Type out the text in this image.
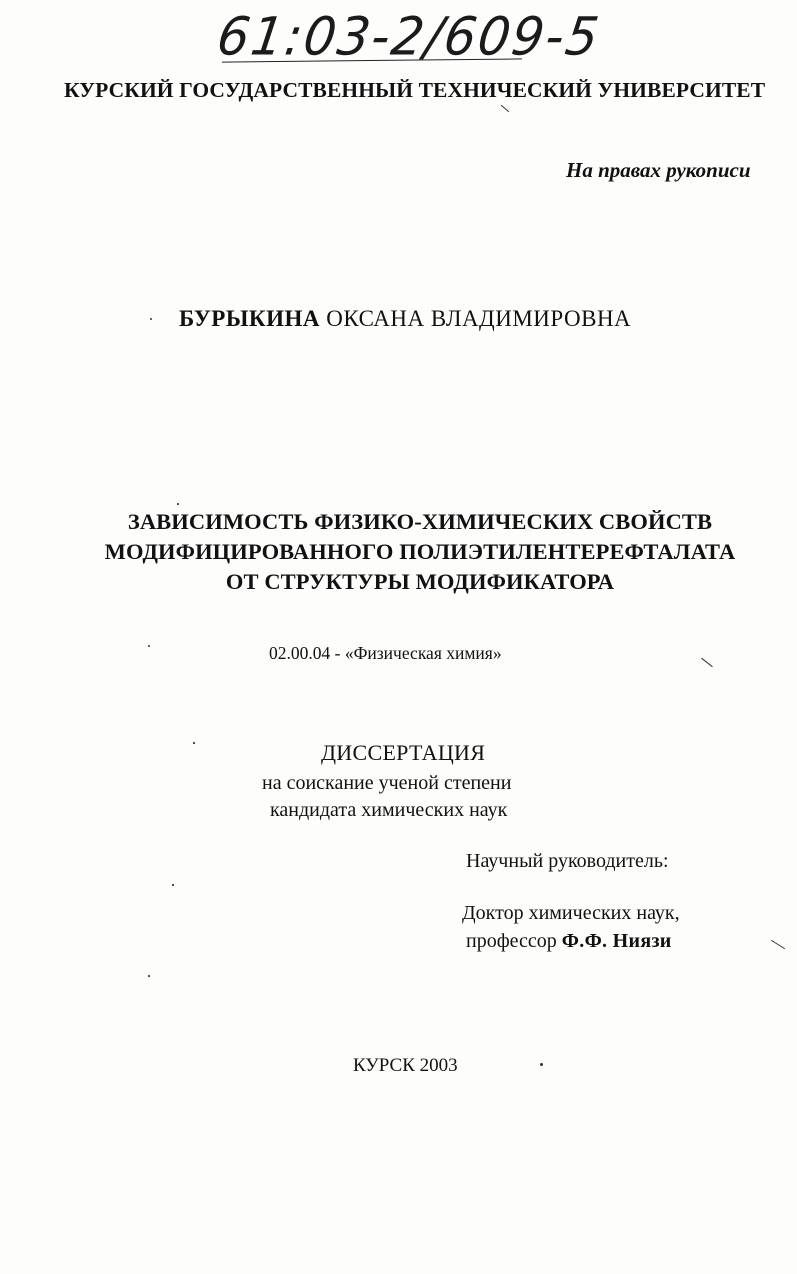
61:03-2/609-5
КУРСКИЙ ГОСУДАРСТВЕННЫЙ ТЕХНИЧЕСКИЙ УНИВЕРСИТЕТ
На правах рукописи
БУРЫКИНА ОКСАНА ВЛАДИМИРОВНА
ЗАВИСИМОСТЬ ФИЗИКО-ХИМИЧЕСКИХ СВОЙСТВ
МОДИФИЦИРОВАННОГО ПОЛИЭТИЛЕНТЕРЕФТАЛАТА
ОТ СТРУКТУРЫ МОДИФИКАТОРА
02.00.04 - «Физическая химия»
ДИССЕРТАЦИЯ
на соискание ученой степени
кандидата химических наук
Научный руководитель:
Доктор химических наук,
профессор Ф.Ф. Ниязи
КУРСК 2003
